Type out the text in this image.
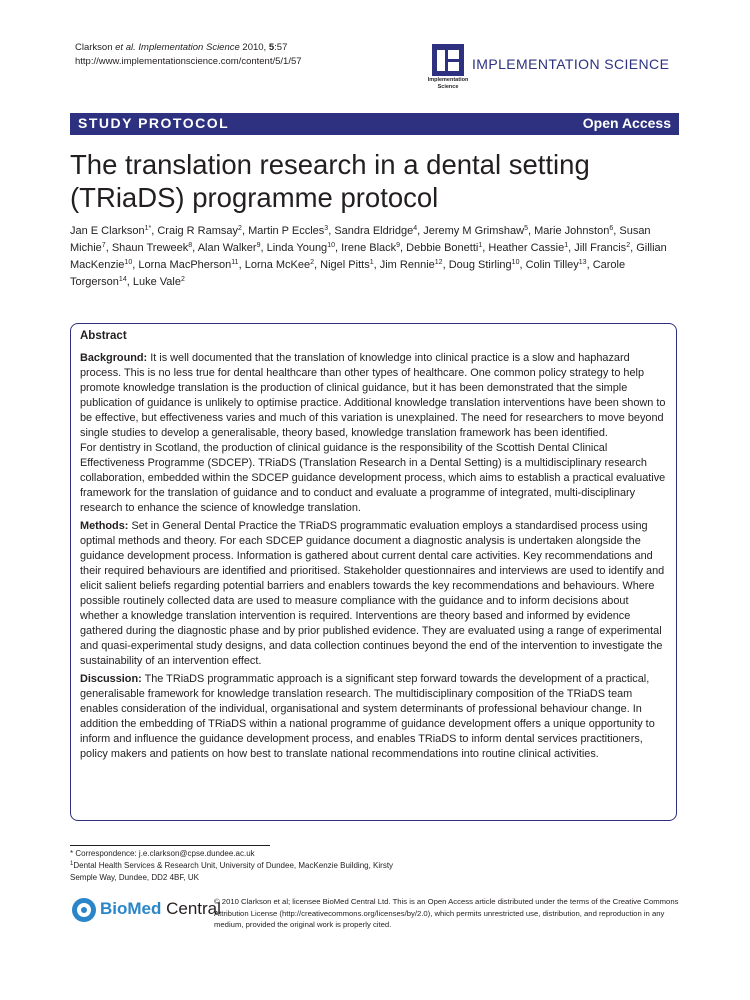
Clarkson et al. Implementation Science 2010, 5:57
http://www.implementationscience.com/content/5/1/57
Implementation Science
IMPLEMENTATION SCIENCE
STUDY PROTOCOL	Open Access
The translation research in a dental setting (TRiaDS) programme protocol
Jan E Clarkson$^{1*}$, Craig R Ramsay$^2$, Martin P Eccles$^3$, Sandra Eldridge$^4$, Jeremy M Grimshaw$^5$, Marie Johnston$^6$, Susan Michie$^7$, Shaun Treweek$^8$, Alan Walker$^9$, Linda Young$^{10}$, Irene Black$^9$, Debbie Bonetti$^1$, Heather Cassie$^1$, Jill Francis$^2$, Gillian MacKenzie$^{10}$, Lorna MacPherson$^{11}$, Lorna McKee$^2$, Nigel Pitts$^1$, Jim Rennie$^{12}$, Doug Stirling$^{10}$, Colin Tilley$^{13}$, Carole Torgerson$^{14}$, Luke Vale$^2$
Abstract

Background: It is well documented that the translation of knowledge into clinical practice is a slow and haphazard process. This is no less true for dental healthcare than other types of healthcare. One common policy strategy to help promote knowledge translation is the production of clinical guidance, but it has been demonstrated that the simple publication of guidance is unlikely to optimise practice. Additional knowledge translation interventions have been shown to be effective, but effectiveness varies and much of this variation is unexplained. The need for researchers to move beyond single studies to develop a generalisable, theory based, knowledge translation framework has been identified.
For dentistry in Scotland, the production of clinical guidance is the responsibility of the Scottish Dental Clinical Effectiveness Programme (SDCEP). TRiaDS (Translation Research in a Dental Setting) is a multidisciplinary research collaboration, embedded within the SDCEP guidance development process, which aims to establish a practical evaluative framework for the translation of guidance and to conduct and evaluate a programme of integrated, multi-disciplinary research to enhance the science of knowledge translation.

Methods: Set in General Dental Practice the TRiaDS programmatic evaluation employs a standardised process using optimal methods and theory. For each SDCEP guidance document a diagnostic analysis is undertaken alongside the guidance development process. Information is gathered about current dental care activities. Key recommendations and their required behaviours are identified and prioritised. Stakeholder questionnaires and interviews are used to identify and elicit salient beliefs regarding potential barriers and enablers towards the key recommendations and behaviours. Where possible routinely collected data are used to measure compliance with the guidance and to inform decisions about whether a knowledge translation intervention is required. Interventions are theory based and informed by evidence gathered during the diagnostic phase and by prior published evidence. They are evaluated using a range of experimental and quasi-experimental study designs, and data collection continues beyond the end of the intervention to investigate the sustainability of an intervention effect.

Discussion: The TRiaDS programmatic approach is a significant step forward towards the development of a practical, generalisable framework for knowledge translation research. The multidisciplinary composition of the TRiaDS team enables consideration of the individual, organisational and system determinants of professional behaviour change. In addition the embedding of TRiaDS within a national programme of guidance development offers a unique opportunity to inform and influence the guidance development process, and enables TRiaDS to inform dental services practitioners, policy makers and patients on how best to translate national recommendations into routine clinical activities.

* Correspondence: j.e.clarkson@cpse.dundee.ac.uk
$^1$Dental Health Services & Research Unit, University of Dundee, MacKenzie Building, Kirsty Semple Way, Dundee, DD2 4BF, UK
BioMed Central
© 2010 Clarkson et al; licensee BioMed Central Ltd. This is an Open Access article distributed under the terms of the Creative Commons Attribution License (http://creativecommons.org/licenses/by/2.0), which permits unrestricted use, distribution, and reproduction in any medium, provided the original work is properly cited.
